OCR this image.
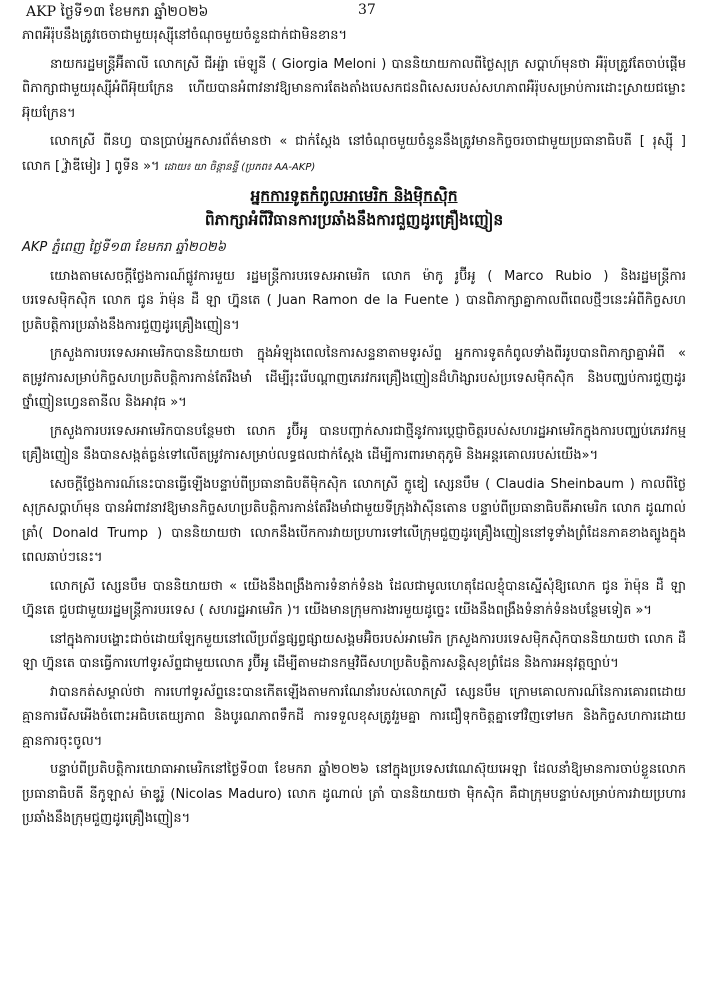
AKP ថ្ងៃទី១៣ ខែមករា ឆ្នាំ២០២៦	37

ភាពអឺរ៉ុបនឹងត្រូវចេចាជាមួយរុស្ស៊ីនៅចំណុចមួយចំនួនជាក់ជាមិនខាន។

នាយករដ្ឋមន្ត្រីអ៊ីតាលី លោកស្រី ជីអរ្ជ៉ា ម៉េឡូនី ( Giorgia Meloni ) បាននិយាយកាលពីថ្ងៃសុក្រ សប្តាហ៍មុនថា អឺរ៉ុបត្រូវតែចាប់ផ្តើមពិភាក្សាជាមួយរុស្ស៊ីអំពីអ៊ុយក្រែន ហើយបានអំពាវនាវឱ្យមានការតែងតាំងបេសកជនពិសេសរបស់សហភាពអឺរ៉ុបសម្រាប់ការដោះស្រាយជម្លោះអ៊ុយក្រែន។

លោកស្រី ពីនហ្វ បានប្រាប់អ្នកសារព័ត៌មានថា « ជាក់ស្តែង នៅចំណុចមួយចំនួននឹងត្រូវមានកិច្ចចរចាជាមួយប្រធានាធិបតី [ រុស្ស៊ី ] លោក [ វ្ល៉ាឌីមៀរ ] ពូទីន »។ ដោយ៖ យា ចិន្តានន្ទី (ប្រភព៖ AA-AKP)

អ្នកការទូតកំពូលអាមេរិក និងម៉ិកស៊ិក
ពិភាក្សាអំពីវិធានការប្រឆាំងនឹងការជួញដូរគ្រឿងញៀន

AKP ភ្នំពេញ ថ្ងៃទី១៣ ខែមករា ឆ្នាំ២០២៦

យោងតាមសេចក្តីថ្លែងការណ៍ផ្លូវការមួយ រដ្ឋមន្ត្រីការបរទេសអាមេរិក លោក ម៉ាកូ រូប៊ីអូ ( Marco Rubio ) និងរដ្ឋមន្ត្រីការបរទេសម៉ិកស៊ិក លោក ជូន រ៉ាម៉ុន ដឺ ឡា ហ្វ៊ុនតេ ( Juan Ramon de la Fuente ) បានពិភាក្សាគ្នាកាលពីពេលថ្មីៗនេះអំពីកិច្ចសហប្រតិបត្តិការប្រឆាំងនឹងការជួញដូរគ្រឿងញៀន។

ក្រសួងការបរទេសអាមេរិកបាននិយាយថា ក្នុងអំឡុងពេលនៃការសន្ទនាតាមទូរស័ព្ទ អ្នកការទូតកំពូលទាំងពីររូបបានពិភាក្សាគ្នាអំពី « តម្រូវការសម្រាប់កិច្ចសហប្រតិបត្តិការកាន់តែរឹងមាំ ដើម្បីរុះរើបណ្តាញភេរវករគ្រឿងញៀនដ៏ហិង្សារបស់ប្រទេសម៉ិកស៊ិក និងបញ្ឈប់ការជួញដូរថ្នាំញៀនហ្វេនតានីល និងអាវុធ »។

ក្រសួងការបរទេសអាមេរិកបានបន្ថែមថា លោក រូប៊ីអូ បានបញ្ជាក់សារជាថ្មីនូវការប្តេជ្ញាចិត្តរបស់សហរដ្ឋអាមេរិកក្នុងការបញ្ឈប់ភេរវកម្មគ្រឿងញៀន នឹងបានសង្កត់ធ្ងន់ទៅលើតម្រូវការសម្រាប់លទ្ធផលជាក់ស្តែង ដើម្បីការពារមាតុភូមិ និងអន្តរគោលរបស់យើង»។

សេចក្តីថ្លែងការណ៍នេះបានធ្វើឡើងបន្ទាប់ពីប្រធានាធិបតីម៉ិកស៊ិក លោកស្រី ក្លូឌៀ ស្សេនបឹម ( Claudia Sheinbaum ) កាលពីថ្ងៃសុក្រសប្តាហ៍មុន បានអំពាវនាវឱ្យមានកិច្ចសហប្រតិបត្តិការកាន់តែរឹងមាំជាមួយទីក្រុងវ៉ាស៊ីនតោន បន្ទាប់ពីប្រធានាធិបតីអាមេរិក លោក ដូណាល់ ត្រាំ( Donald Trump ) បាននិយាយថា លោកនឹងបើកការវាយប្រហារទៅលើក្រុមជួញដូរគ្រឿងញៀននៅទូទាំងព្រំដែនភាគខាងត្បូងក្នុងពេលឆាប់ៗនេះ។

លោកស្រី ស្សេនបឹម បាននិយាយថា « យើងនឹងពង្រឹងការទំនាក់ទំនង ដែលជាមូលហេតុដែលខ្ញុំបានស្នើសុំឱ្យលោក ជូន រ៉ាម៉ុន ដឺ ឡា ហ្វ៊ុនតេ ជួបជាមួយរដ្ឋមន្ត្រីការបរទេស ( សហរដ្ឋអាមេរិក )។ យើងមានក្រុមការងារមួយដូច្នេះ យើងនឹងពង្រឹងទំនាក់ទំនងបន្ថែមទៀត »។

នៅក្នុងការបង្ហោះជាច់ដោយឡែកមួយនៅលើប្រព័ន្ធផ្សព្វផ្សាយសង្គមអ៊ិចរបស់អាមេរិក ក្រសួងការបរទេសម៉ិកស៊ិកបាននិយាយថា លោក ដឺ ឡា ហ្វ៊ុនតេ បានធ្វើការហៅទូរស័ព្ទជាមួយលោក រូប៊ីអូ ដើម្បីតាមដានកម្មវិធីសហប្រតិបត្តិការសន្តិសុខព្រំដែន និងការអនុវត្តច្បាប់។

វាបានកត់សម្គាល់ថា ការហៅទូរស័ព្ទនេះបានកើតឡើងតាមការណែនាំរបស់លោកស្រី ស្សេនបឹម ក្រោមគោលការណ៍នៃការគោរពដោយគ្មានការរើសអើងចំពោះអធិបតេយ្យភាព និងបូរណភាពទឹកដី ការទទួលខុសត្រូវរួមគ្នា ការជឿទុកចិត្តគ្នាទៅវិញទៅមក និងកិច្ចសហការដោយគ្មានការចុះចូល។

បន្ទាប់ពីប្រតិបត្តិការយោធាអាមេរិកនៅថ្ងៃទី០៣ ខែមករា ឆ្នាំ២០២៦ នៅក្នុងប្រទេសវេណេស៊ុយអេឡា ដែលនាំឱ្យមានការចាប់ខ្លួនលោកប្រធានាធិបតី នីកូឡាស់ ម៉ាឌូរ៉ូ (Nicolas Maduro) លោក ដូណាល់ ត្រាំ បាននិយាយថា ម៉ិកស៊ិក គឺជាក្រុមបន្ទាប់សម្រាប់ការវាយប្រហារប្រឆាំងនឹងក្រុមជួញដូរគ្រឿងញៀន។
